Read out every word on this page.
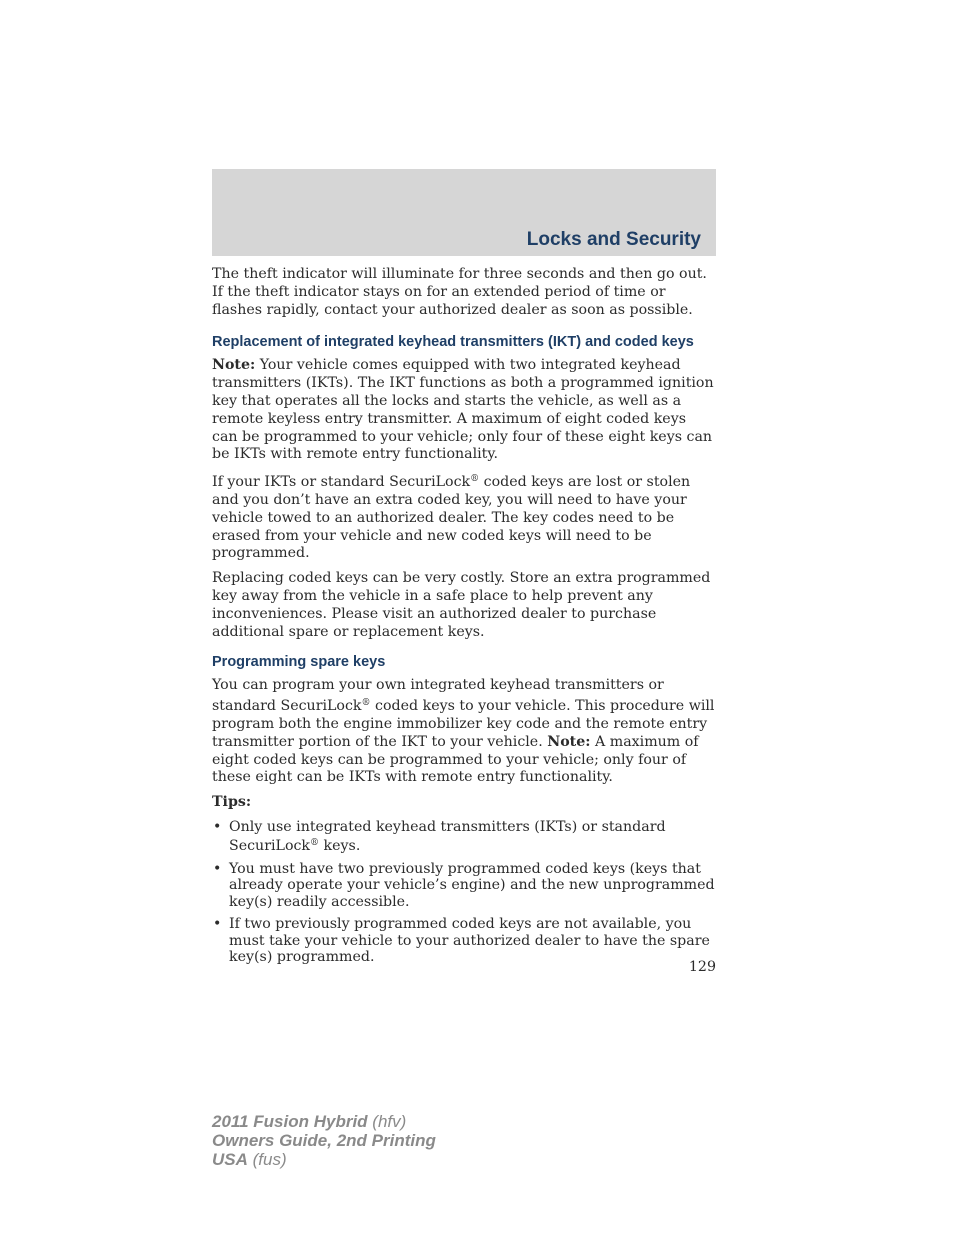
Locks and Security

The theft indicator will illuminate for three seconds and then go out. If the theft indicator stays on for an extended period of time or flashes rapidly, contact your authorized dealer as soon as possible.

Replacement of integrated keyhead transmitters (IKT) and coded keys

Note: Your vehicle comes equipped with two integrated keyhead transmitters (IKTs). The IKT functions as both a programmed ignition key that operates all the locks and starts the vehicle, as well as a remote keyless entry transmitter. A maximum of eight coded keys can be programmed to your vehicle; only four of these eight keys can be IKTs with remote entry functionality.

If your IKTs or standard SecuriLock® coded keys are lost or stolen and you don’t have an extra coded key, you will need to have your vehicle towed to an authorized dealer. The key codes need to be erased from your vehicle and new coded keys will need to be programmed.

Replacing coded keys can be very costly. Store an extra programmed key away from the vehicle in a safe place to help prevent any inconveniences. Please visit an authorized dealer to purchase additional spare or replacement keys.

Programming spare keys

You can program your own integrated keyhead transmitters or standard SecuriLock® coded keys to your vehicle. This procedure will program both the engine immobilizer key code and the remote entry transmitter portion of the IKT to your vehicle. Note: A maximum of eight coded keys can be programmed to your vehicle; only four of these eight can be IKTs with remote entry functionality.

Tips:

• Only use integrated keyhead transmitters (IKTs) or standard SecuriLock® keys.
• You must have two previously programmed coded keys (keys that already operate your vehicle’s engine) and the new unprogrammed key(s) readily accessible.
• If two previously programmed coded keys are not available, you must take your vehicle to your authorized dealer to have the spare key(s) programmed.

129

2011 Fusion Hybrid (hfv)
Owners Guide, 2nd Printing
USA (fus)
